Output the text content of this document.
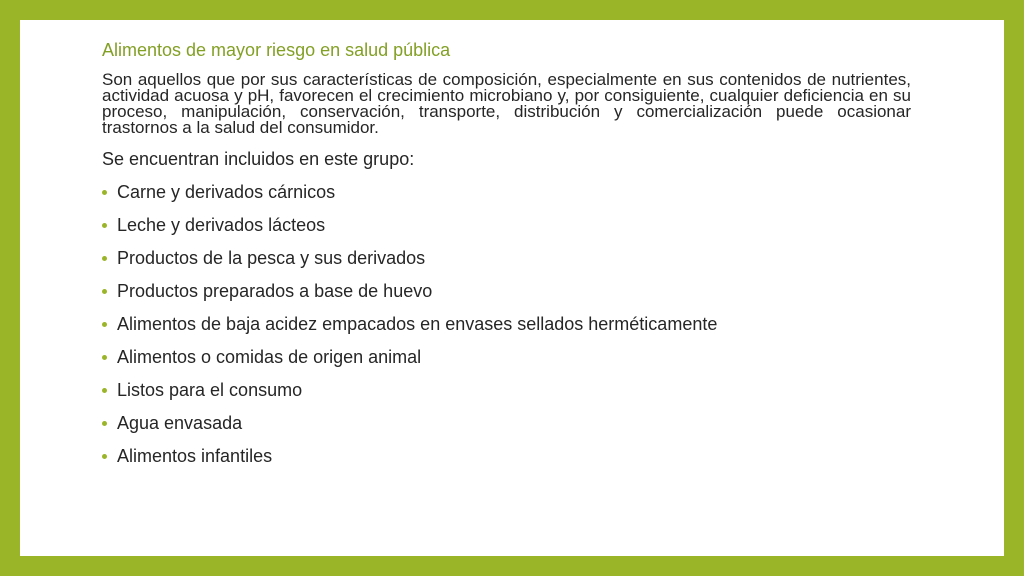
Alimentos de mayor riesgo en salud pública
Son aquellos que por sus características de composición, especialmente en sus contenidos de nutrientes, actividad acuosa y pH, favorecen el crecimiento microbiano y, por consiguiente, cualquier deficiencia en su proceso, manipulación, conservación, transporte, distribución y comercialización puede ocasionar trastornos a la salud del consumidor.
Se encuentran incluidos en este grupo:
Carne y derivados cárnicos
Leche y derivados lácteos
Productos de la pesca y sus derivados
Productos preparados a base de huevo
Alimentos de baja acidez empacados en envases sellados herméticamente
Alimentos o comidas de origen animal
Listos para el consumo
Agua envasada
Alimentos infantiles
